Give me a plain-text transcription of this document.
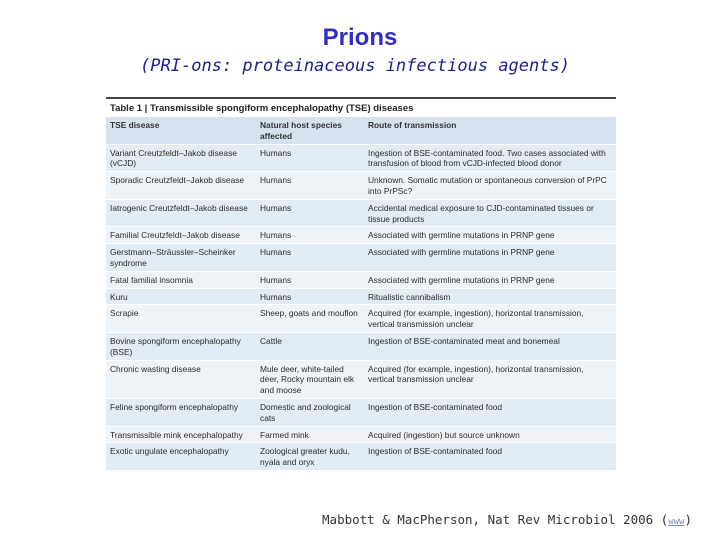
Prions
(PRI-ons: proteinaceous infectious agents)
Table 1 | Transmissible spongiform encephalopathy (TSE) diseases
TSE disease	Natural host species affected	Route of transmission
Variant Creutzfeldt–Jakob disease (vCJD)	Humans	Ingestion of BSE-contaminated food. Two cases associated with transfusion of blood from vCJD-infected blood donor
Sporadic Creutzfeldt–Jakob disease	Humans	Unknown. Somatic mutation or spontaneous conversion of PrPC into PrPSc?
Iatrogenic Creutzfeldt–Jakob disease	Humans	Accidental medical exposure to CJD-contaminated tissues or tissue products
Familial Creutzfeldt–Jakob disease	Humans	Associated with germline mutations in PRNP gene
Gerstmann–Sträussler–Scheinker syndrome	Humans	Associated with germline mutations in PRNP gene
Fatal familial insomnia	Humans	Associated with germline mutations in PRNP gene
Kuru	Humans	Ritualistic cannibalism
Scrapie	Sheep, goats and mouflon	Acquired (for example, ingestion), horizontal transmission, vertical transmission unclear
Bovine spongiform encephalopathy (BSE)	Cattle	Ingestion of BSE-contaminated meat and bonemeal
Chronic wasting disease	Mule deer, white-tailed deer, Rocky mountain elk and moose	Acquired (for example, ingestion), horizontal transmission, vertical transmission unclear
Feline spongiform encephalopathy	Domestic and zoological cats	Ingestion of BSE-contaminated food
Transmissible mink encephalopathy	Farmed mink	Acquired (ingestion) but source unknown
Exotic ungulate encephalopathy	Zoological greater kudu, nyala and oryx	Ingestion of BSE-contaminated food
Mabbott & MacPherson, Nat Rev Microbiol 2006 (www)
